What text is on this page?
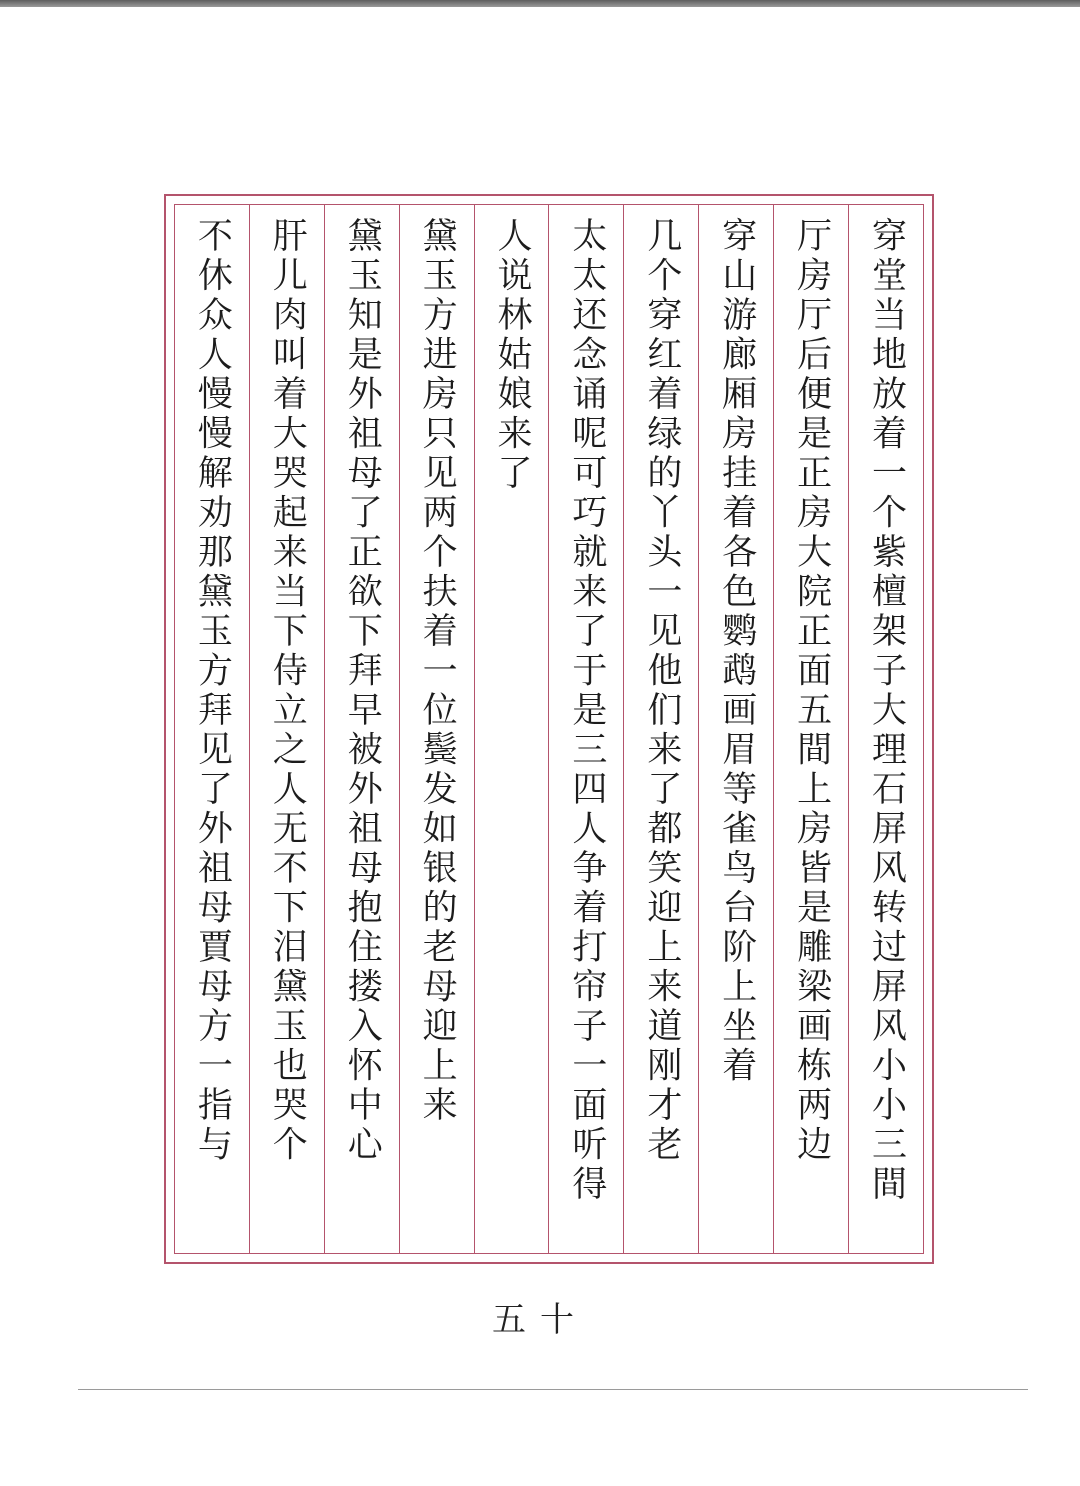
穿堂当地放着一个紫檀架子大理石屏风转过屏风小小三間
厅房厅后便是正房大院正面五間上房皆是雕梁画栋两边
穿山游廊厢房挂着各色鹦鹉画眉等雀鸟台阶上坐着
几个穿红着绿的丫头一见他们来了都笑迎上来道刚才老
太太还念诵呢可巧就来了于是三四人争着打帘子一面听得
人说林姑娘来了
黛玉方进房只见两个扶着一位鬓发如银的老母迎上来
黛玉知是外祖母了正欲下拜早被外祖母抱住搂入怀中心
肝儿肉叫着大哭起来当下侍立之人无不下泪黛玉也哭个
不休众人慢慢解劝那黛玉方拜见了外祖母賈母方一指与
五十
